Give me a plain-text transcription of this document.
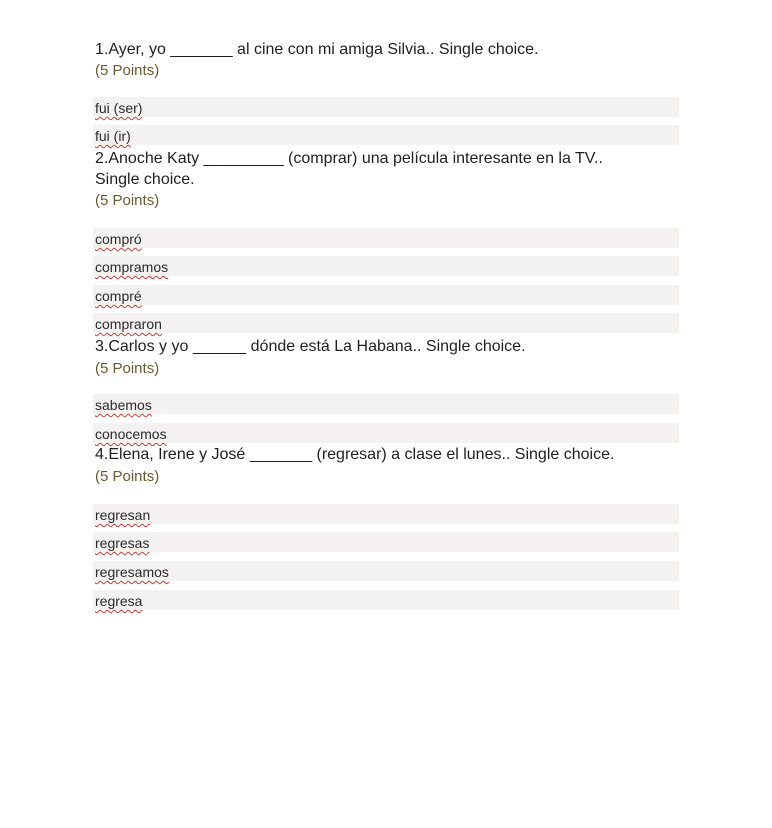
1.Ayer, yo _______ al cine con mi amiga Silvia.. Single choice.
(5 Points)
fui (ser)
fui (ir)
2.Anoche Katy _________ (comprar) una película interesante en la TV.. Single choice.
(5 Points)
compró
compramos
compré
compraron
3.Carlos y yo ______ dónde está La Habana.. Single choice.
(5 Points)
sabemos
conocemos
4.Elena, Irene y José _______ (regresar) a clase el lunes.. Single choice.
(5 Points)
regresan
regresas
regresamos
regresa
